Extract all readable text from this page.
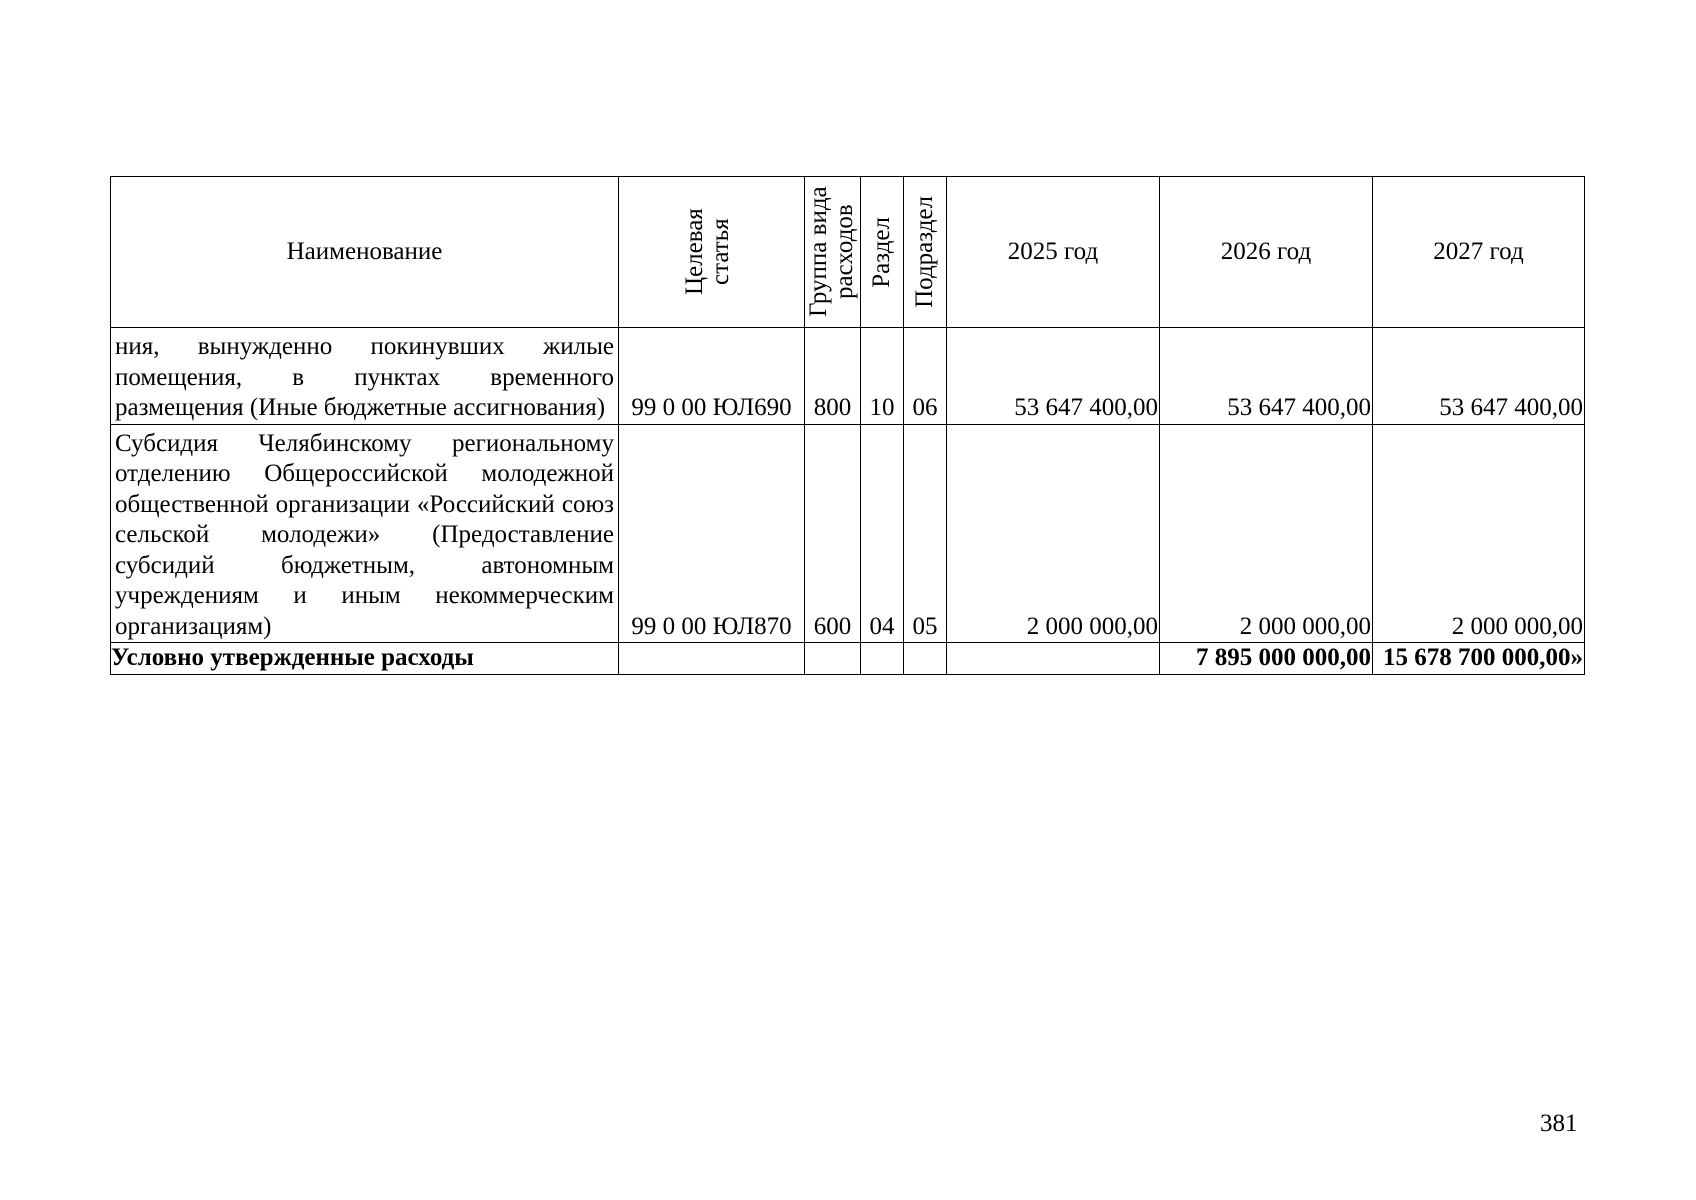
Наименование	Целевая статья	Группа вида расходов	Раздел	Подраздел	2025 год	2026 год	2027 год
ния, вынужденно покинувших жилые помещения, в пунктах временного размещения (Иные бюджетные ассигнования)	99 0 00 ЮЛ690	800	10	06	53 647 400,00	53 647 400,00	53 647 400,00
Субсидия Челябинскому региональному отделению Общероссийской молодежной общественной организации «Российский союз сельской молодежи» (Предоставление субсидий бюджетным, автономным учреждениям и иным некоммерческим организациям)	99 0 00 ЮЛ870	600	04	05	2 000 000,00	2 000 000,00	2 000 000,00
Условно утвержденные расходы						7 895 000 000,00	15 678 700 000,00»
381
